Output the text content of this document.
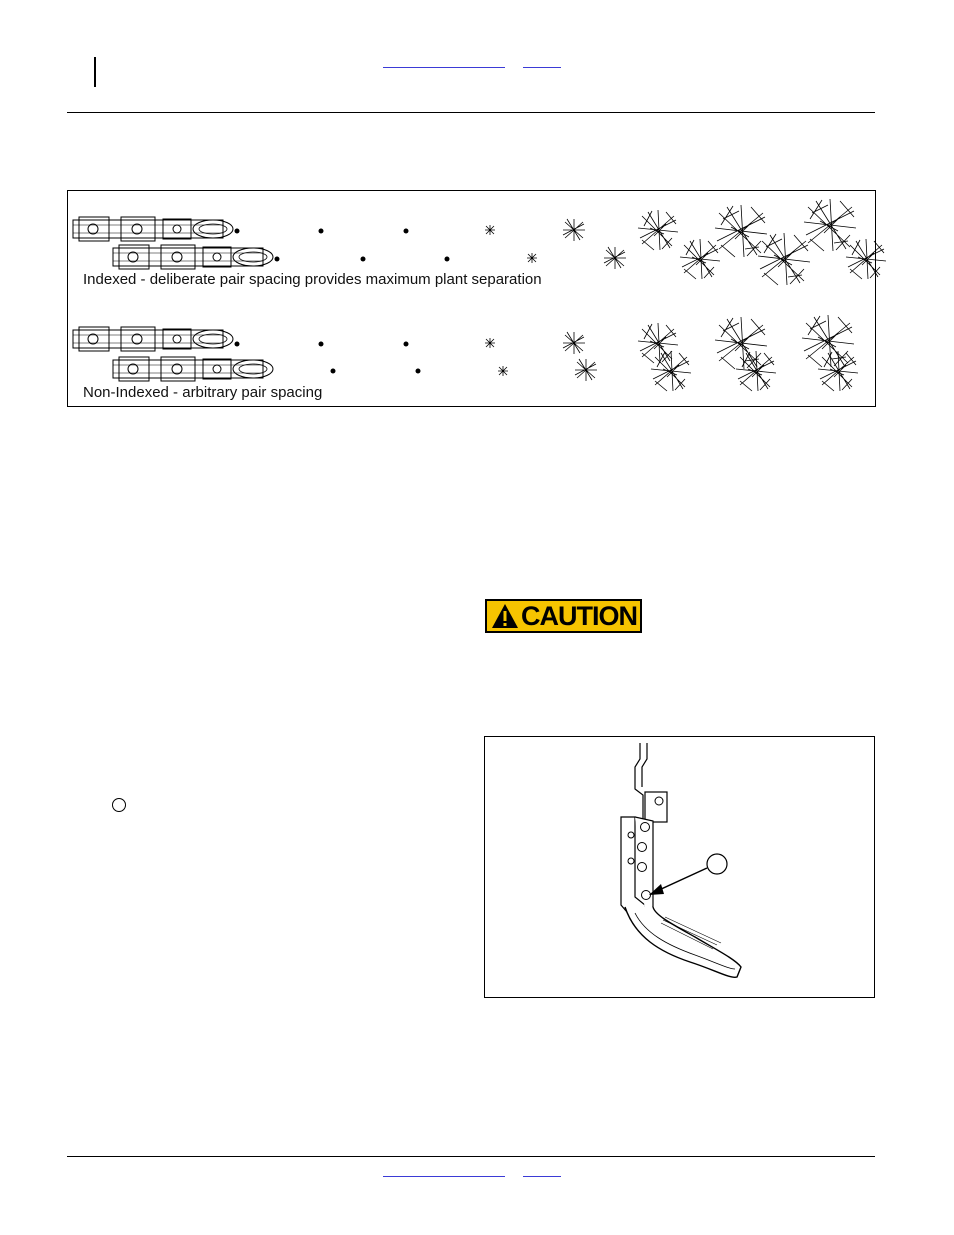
Indexed - deliberate pair spacing provides maximum plant separation
Non-Indexed - arbitrary pair spacing
CAUTION
